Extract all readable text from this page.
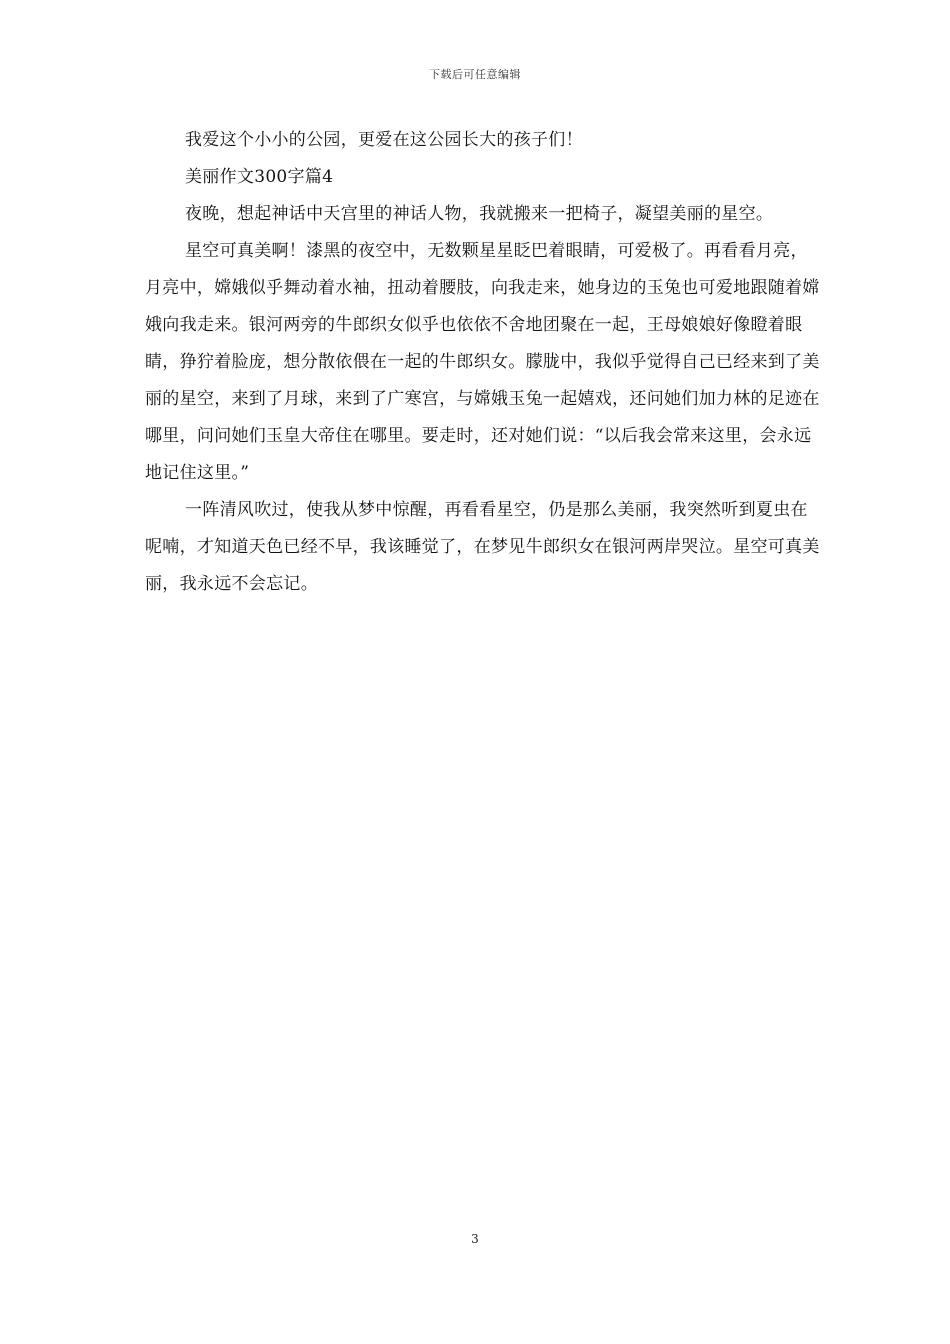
下载后可任意编辑

我爱这个小小的公园，更爱在这公园长大的孩子们！

美丽作文300字篇4

夜晚，想起神话中天宫里的神话人物，我就搬来一把椅子，凝望美丽的星空。

星空可真美啊！漆黑的夜空中，无数颗星星眨巴着眼睛，可爱极了。再看看月亮，月亮中，嫦娥似乎舞动着水袖，扭动着腰肢，向我走来，她身边的玉兔也可爱地跟随着嫦娥向我走来。银河两旁的牛郎织女似乎也依依不舍地团聚在一起，王母娘娘好像瞪着眼睛，狰狞着脸庞，想分散依偎在一起的牛郎织女。朦胧中，我似乎觉得自己已经来到了美丽的星空，来到了月球，来到了广寒宫，与嫦娥玉兔一起嬉戏，还问她们加力林的足迹在哪里，问问她们玉皇大帝住在哪里。要走时，还对她们说：“以后我会常来这里，会永远地记住这里。”

一阵清风吹过，使我从梦中惊醒，再看看星空，仍是那么美丽，我突然听到夏虫在呢喃，才知道天色已经不早，我该睡觉了，在梦见牛郎织女在银河两岸哭泣。星空可真美丽，我永远不会忘记。

3
